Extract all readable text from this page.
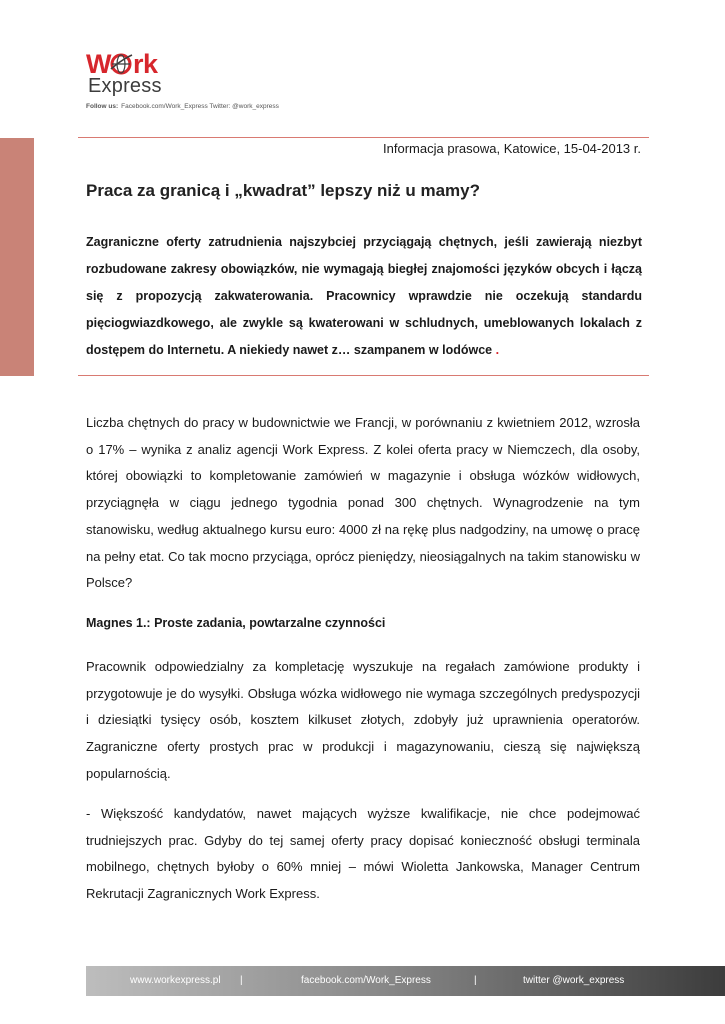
W rk
Express
Follow us: Facebook.com/Work_Express Twitter: @work_express
Informacja prasowa, Katowice, 15-04-2013 r.
Praca za granicą i „kwadrat” lepszy niż u mamy?

Zagraniczne oferty zatrudnienia najszybciej przyciągają chętnych, jeśli zawierają niezbyt rozbudowane zakresy obowiązków, nie wymagają biegłej znajomości języków obcych i łączą się z propozycją zakwaterowania. Pracownicy wprawdzie nie oczekują standardu pięciogwiazdkowego, ale zwykle są kwaterowani w schludnych, umeblowanych lokalach z dostępem do Internetu. A niekiedy nawet z… szampanem w lodówce .

Liczba chętnych do pracy w budownictwie we Francji, w porównaniu z kwietniem 2012, wzrosła o 17% – wynika z analiz agencji Work Express. Z kolei oferta pracy w Niemczech, dla osoby, której obowiązki to kompletowanie zamówień w magazynie i obsługa wózków widłowych, przyciągnęła w ciągu jednego tygodnia ponad 300 chętnych. Wynagrodzenie na tym stanowisku, według aktualnego kursu euro: 4000 zł na rękę plus nadgodziny, na umowę o pracę na pełny etat. Co tak mocno przyciąga, oprócz pieniędzy, nieosiągalnych na takim stanowisku w Polsce?

Magnes 1.: Proste zadania, powtarzalne czynności

Pracownik odpowiedzialny za kompletację wyszukuje na regałach zamówione produkty i przygotowuje je do wysyłki. Obsługa wózka widłowego nie wymaga szczególnych predyspozycji i dziesiątki tysięcy osób, kosztem kilkuset złotych, zdobyły już uprawnienia operatorów. Zagraniczne oferty prostych prac w produkcji i magazynowaniu, cieszą się największą popularnością.

- Większość kandydatów, nawet mających wyższe kwalifikacje, nie chce podejmować trudniejszych prac. Gdyby do tej samej oferty pracy dopisać konieczność obsługi terminala mobilnego, chętnych byłoby o 60% mniej – mówi Wioletta Jankowska, Manager Centrum Rekrutacji Zagranicznych Work Express.

www.workexpress.pl |	facebook.com/Work_Express	|	twitter @work_express
